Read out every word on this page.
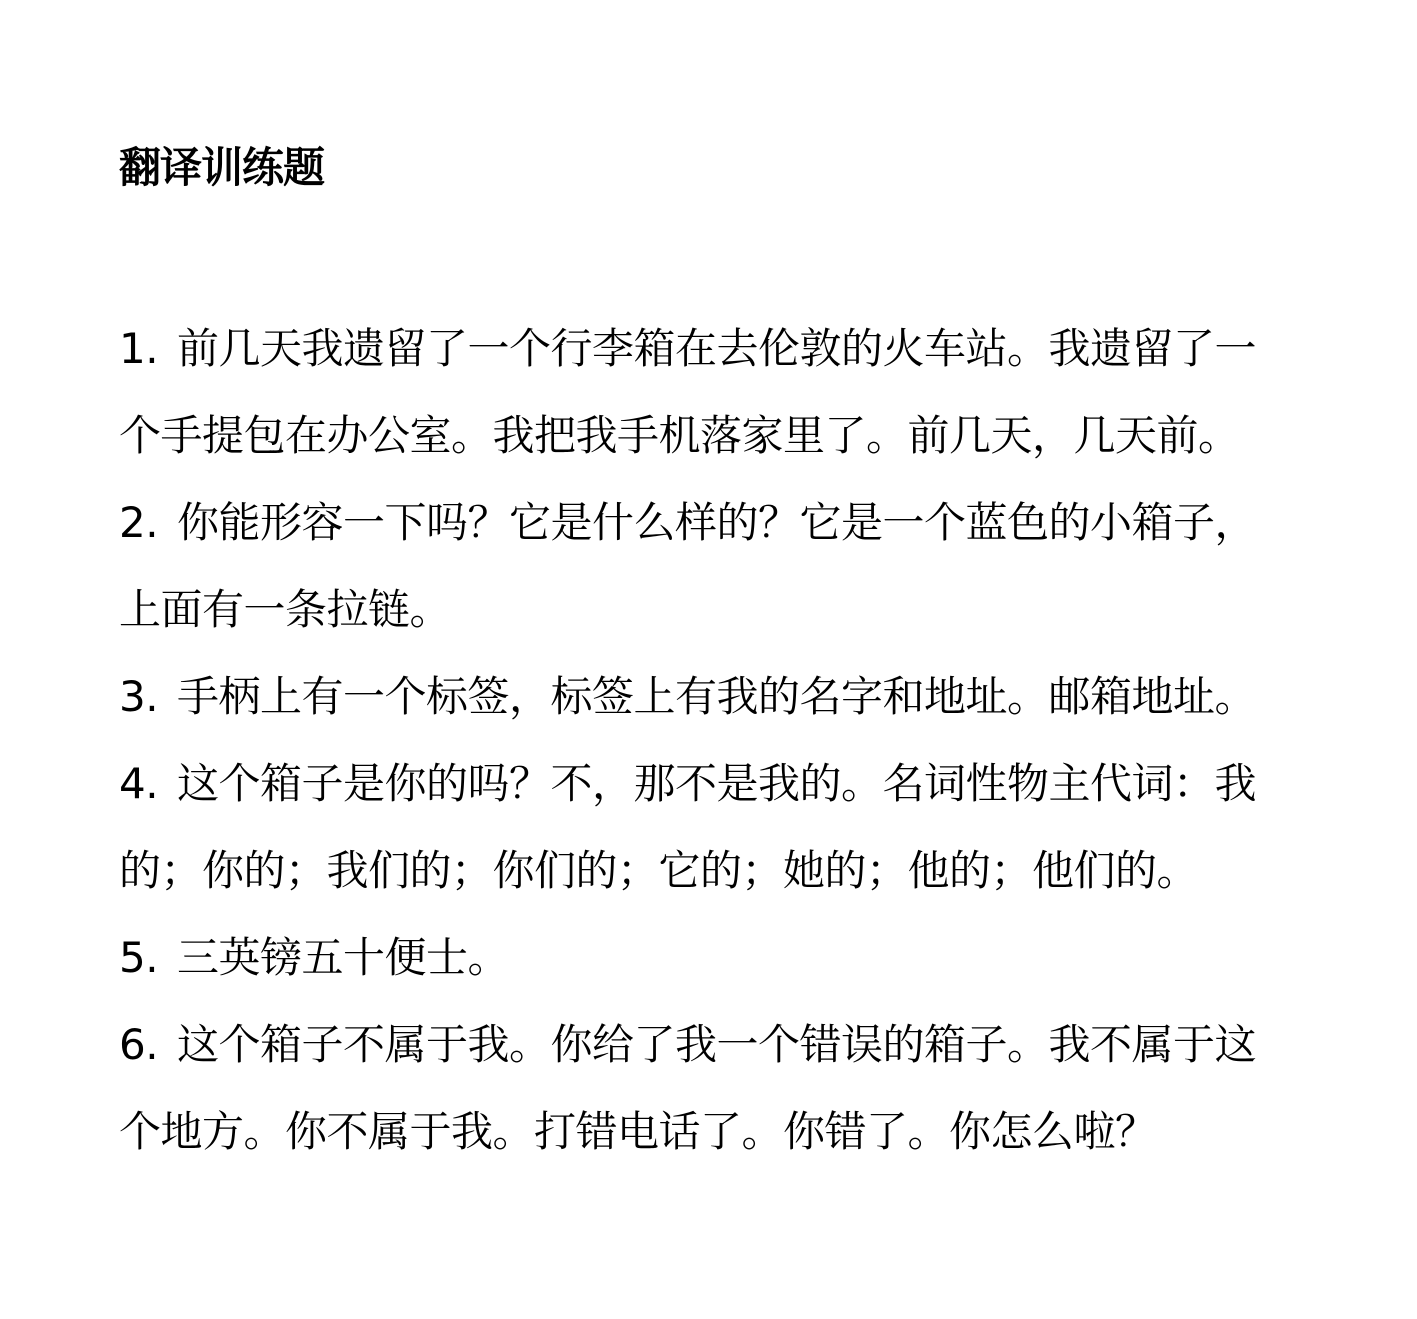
翻译训练题
1. 前几天我遗留了一个行李箱在去伦敦的火车站。我遗留了一
个手提包在办公室。我把我手机落家里了。前几天，几天前。
2. 你能形容一下吗？它是什么样的？它是一个蓝色的小箱子，
上面有一条拉链。
3. 手柄上有一个标签，标签上有我的名字和地址。邮箱地址。
4. 这个箱子是你的吗？不，那不是我的。名词性物主代词：我
的；你的；我们的；你们的；它的；她的；他的；他们的。
5. 三英镑五十便士。
6. 这个箱子不属于我。你给了我一个错误的箱子。我不属于这
个地方。你不属于我。打错电话了。你错了。你怎么啦？
